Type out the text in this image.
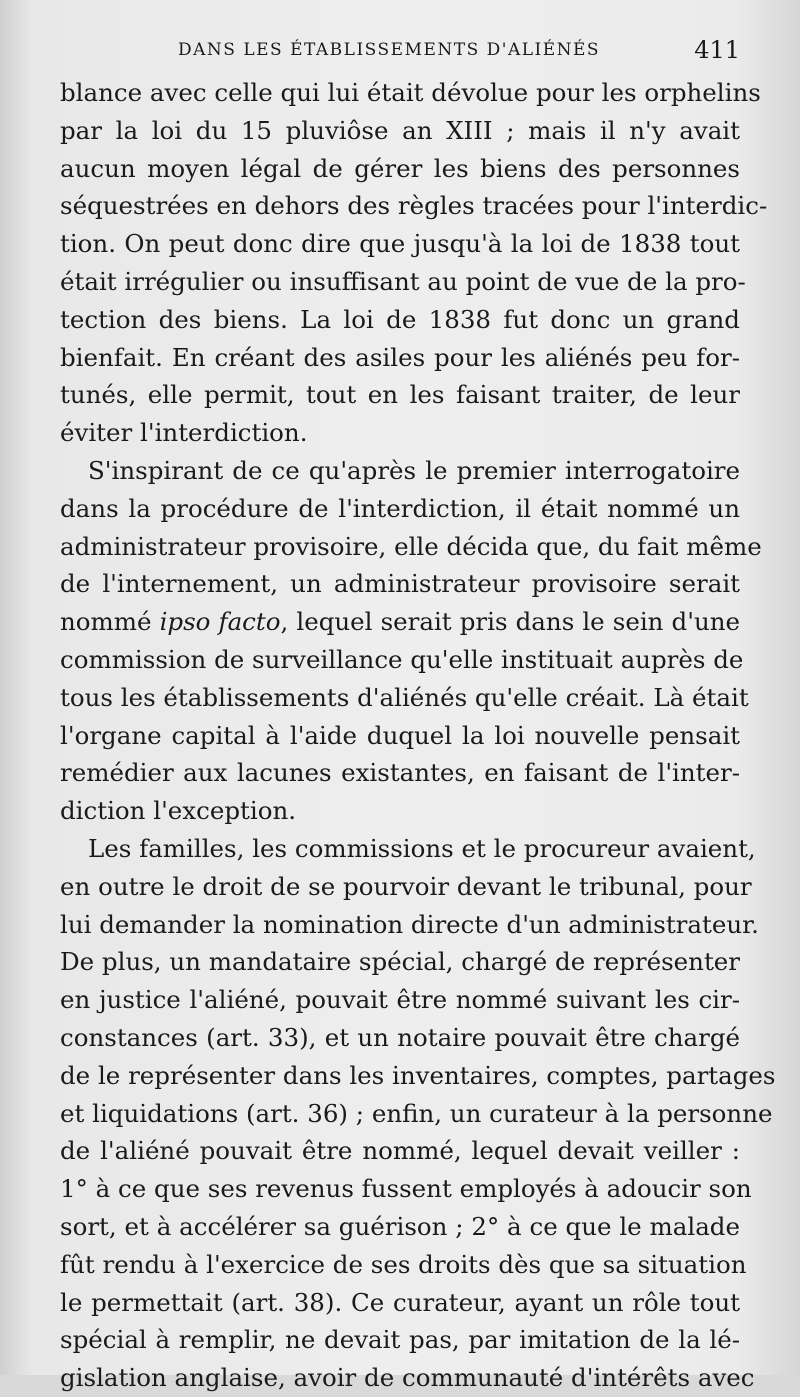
DANS LES ÉTABLISSEMENTS D'ALIÉNÉS	411
blance avec celle qui lui était dévolue pour les orphelins
par la loi du 15 pluviôse an XIII ; mais il n'y avait
aucun moyen légal de gérer les biens des personnes
séquestrées en dehors des règles tracées pour l'interdic-
tion. On peut donc dire que jusqu'à la loi de 1838 tout
était irrégulier ou insuffisant au point de vue de la pro-
tection des biens. La loi de 1838 fut donc un grand
bienfait. En créant des asiles pour les aliénés peu for-
tunés, elle permit, tout en les faisant traiter, de leur
éviter l'interdiction.
S'inspirant de ce qu'après le premier interrogatoire
dans la procédure de l'interdiction, il était nommé un
administrateur provisoire, elle décida que, du fait même
de l'internement, un administrateur provisoire serait
nommé ipso facto, lequel serait pris dans le sein d'une
commission de surveillance qu'elle instituait auprès de
tous les établissements d'aliénés qu'elle créait. Là était
l'organe capital à l'aide duquel la loi nouvelle pensait
remédier aux lacunes existantes, en faisant de l'inter-
diction l'exception.
Les familles, les commissions et le procureur avaient,
en outre le droit de se pourvoir devant le tribunal, pour
lui demander la nomination directe d'un administrateur.
De plus, un mandataire spécial, chargé de représenter
en justice l'aliéné, pouvait être nommé suivant les cir-
constances (art. 33), et un notaire pouvait être chargé
de le représenter dans les inventaires, comptes, partages
et liquidations (art. 36) ; enfin, un curateur à la personne
de l'aliéné pouvait être nommé, lequel devait veiller :
1° à ce que ses revenus fussent employés à adoucir son
sort, et à accélérer sa guérison ; 2° à ce que le malade
fût rendu à l'exercice de ses droits dès que sa situation
le permettait (art. 38). Ce curateur, ayant un rôle tout
spécial à remplir, ne devait pas, par imitation de la lé-
gislation anglaise, avoir de communauté d'intérêts avec
